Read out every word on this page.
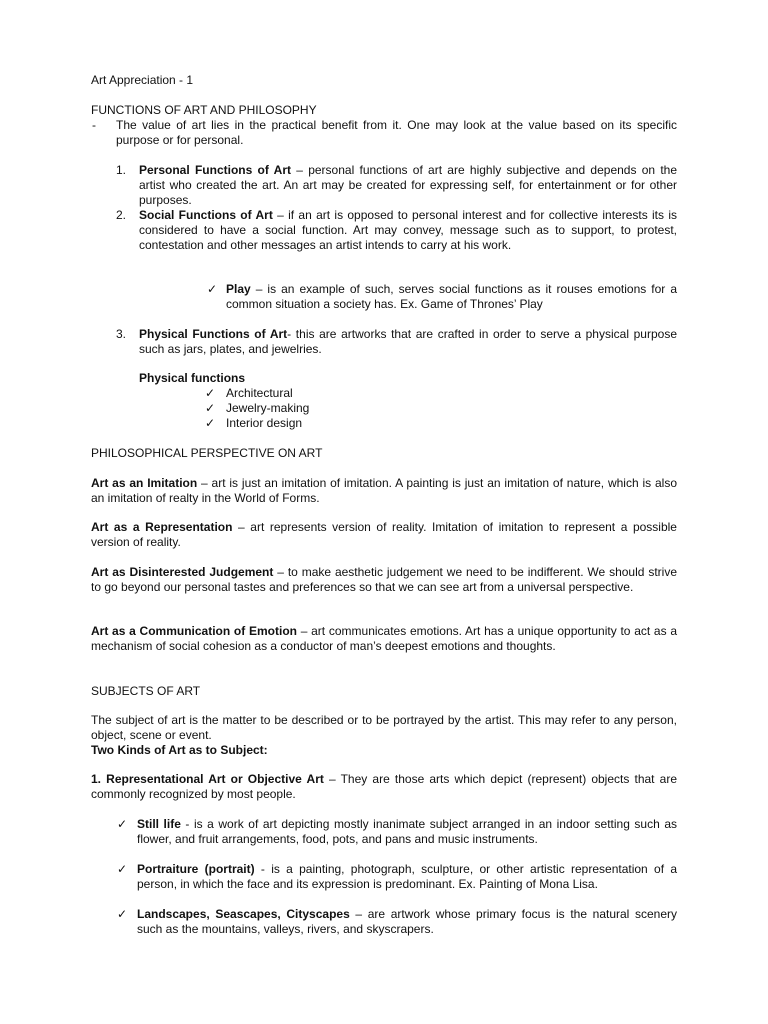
Art Appreciation - 1

FUNCTIONS OF ART AND PHILOSOPHY

- The value of art lies in the practical benefit from it. One may look at the value based on its specific purpose or for personal.

1. Personal Functions of Art – personal functions of art are highly subjective and depends on the artist who created the art. An art may be created for expressing self, for entertainment or for other purposes.

2. Social Functions of Art – if an art is opposed to personal interest and for collective interests its is considered to have a social function. Art may convey, message such as to support, to protest, contestation and other messages an artist intends to carry at his work.

✓ Play – is an example of such, serves social functions as it rouses emotions for a common situation a society has. Ex. Game of Thrones’ Play

3. Physical Functions of Art- this are artworks that are crafted in order to serve a physical purpose such as jars, plates, and jewelries.

Physical functions

✓ Architectural

✓ Jewelry-making

✓ Interior design

PHILOSOPHICAL PERSPECTIVE ON ART

Art as an Imitation – art is just an imitation of imitation. A painting is just an imitation of nature, which is also an imitation of realty in the World of Forms.

Art as a Representation – art represents version of reality. Imitation of imitation to represent a possible version of reality.

Art as Disinterested Judgement – to make aesthetic judgement we need to be indifferent. We should strive to go beyond our personal tastes and preferences so that we can see art from a universal perspective.

Art as a Communication of Emotion – art communicates emotions. Art has a unique opportunity to act as a mechanism of social cohesion as a conductor of man’s deepest emotions and thoughts.

SUBJECTS OF ART

The subject of art is the matter to be described or to be portrayed by the artist. This may refer to any person, object, scene or event.

Two Kinds of Art as to Subject:

1. Representational Art or Objective Art – They are those arts which depict (represent) objects that are commonly recognized by most people.

✓ Still life - is a work of art depicting mostly inanimate subject arranged in an indoor setting such as flower, and fruit arrangements, food, pots, and pans and music instruments.

✓ Portraiture (portrait) - is a painting, photograph, sculpture, or other artistic representation of a person, in which the face and its expression is predominant. Ex. Painting of Mona Lisa.

✓ Landscapes, Seascapes, Cityscapes – are artwork whose primary focus is the natural scenery such as the mountains, valleys, rivers, and skyscrapers.
